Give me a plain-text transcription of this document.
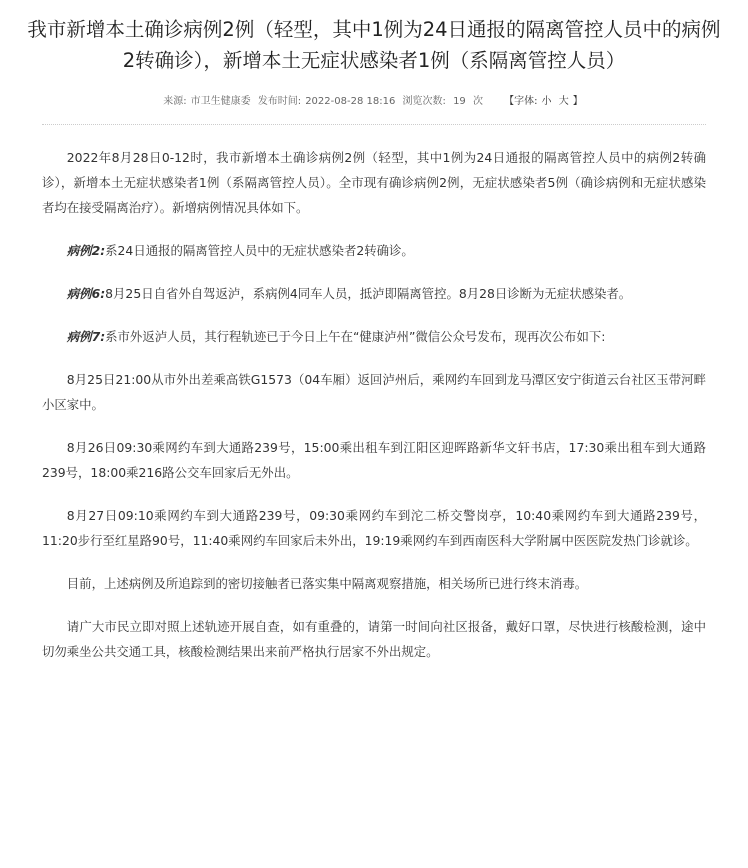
我市新增本土确诊病例2例（轻型，其中1例为24日通报的隔离管控人员中的病例2转确诊），新增本土无症状感染者1例（系隔离管控人员）
来源: 市卫生健康委 发布时间: 2022-08-28 18:16 浏览次数: 19 次 【字体: 小 大 】

2022年8月28日0-12时，我市新增本土确诊病例2例（轻型，其中1例为24日通报的隔离管控人员中的病例2转确诊），新增本土无症状感染者1例（系隔离管控人员）。全市现有确诊病例2例，无症状感染者5例（确诊病例和无症状感染者均在接受隔离治疗）。新增病例情况具体如下。

病例2:系24日通报的隔离管控人员中的无症状感染者2转确诊。

病例6:8月25日自省外自驾返泸，系病例4同车人员，抵泸即隔离管控。8月28日诊断为无症状感染者。

病例7:系市外返泸人员，其行程轨迹已于今日上午在“健康泸州”微信公众号发布，现再次公布如下:

8月25日21:00从市外出差乘高铁G1573（04车厢）返回泸州后，乘网约车回到龙马潭区安宁街道云台社区玉带河畔小区家中。

8月26日09:30乘网约车到大通路239号，15:00乘出租车到江阳区迎晖路新华文轩书店，17:30乘出租车到大通路239号，18:00乘216路公交车回家后无外出。

8月27日09:10乘网约车到大通路239号，09:30乘网约车到沱二桥交警岗亭，10:40乘网约车到大通路239号，11:20步行至红星路90号，11:40乘网约车回家后未外出，19:19乘网约车到西南医科大学附属中医医院发热门诊就诊。

目前，上述病例及所追踪到的密切接触者已落实集中隔离观察措施，相关场所已进行终末消毒。

请广大市民立即对照上述轨迹开展自查，如有重叠的，请第一时间向社区报备，戴好口罩，尽快进行核酸检测，途中切勿乘坐公共交通工具，核酸检测结果出来前严格执行居家不外出规定。
